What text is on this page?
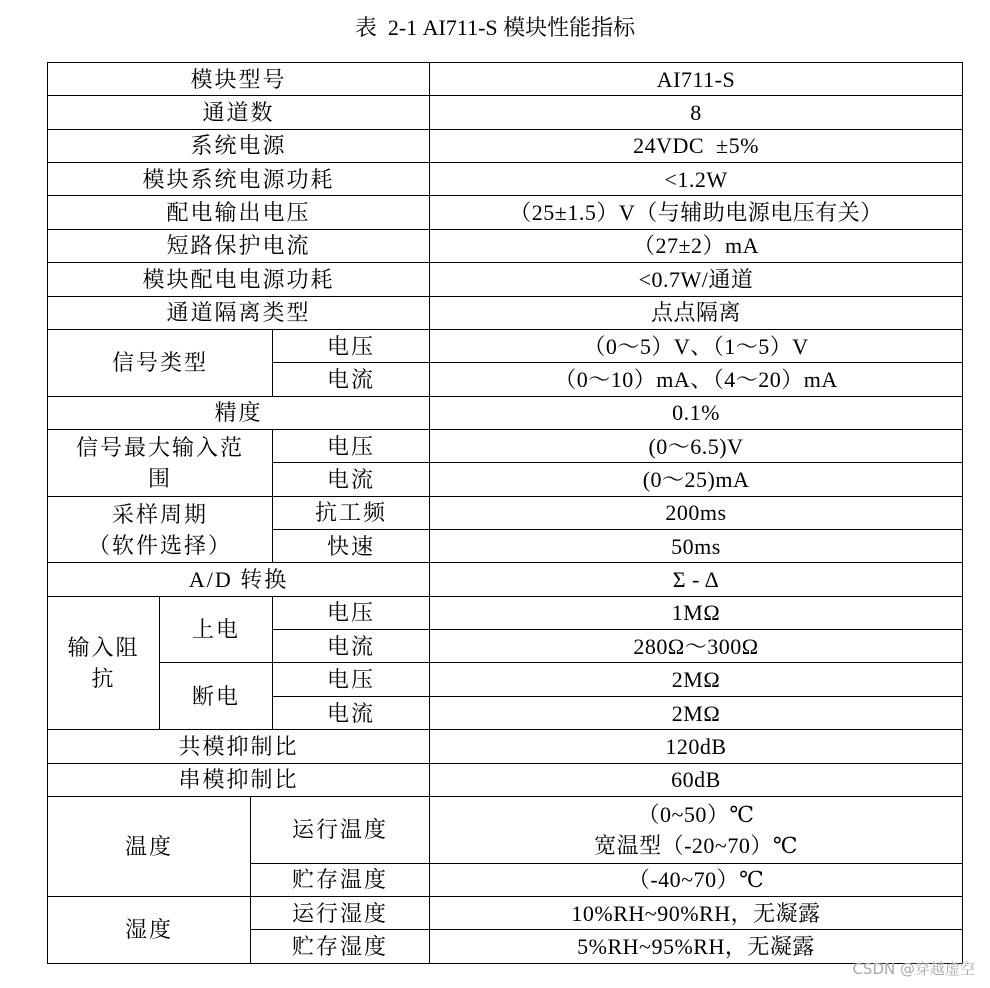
表  2-1 AI711-S 模块性能指标
模块型号				AI711-S
通道数				8
系统电源				24VDC  ±5%
模块系统电源功耗				<1.2W
配电输出电压				（25±1.5）V（与辅助电源电压有关）
短路保护电流				（27±2）mA
模块配电电源功耗				<0.7W/通道
通道隔离类型				点点隔离
信号类型			电压	（0～5）V、（1～5）V
			电流	（0～10）mA、（4～20）mA
精度				0.1%
信号最大输入范
围			电压	(0～6.5)V
			电流	(0～25)mA
采样周期
（软件选择）			抗工频	200ms
			快速	50ms
A/D 转换				Σ - Δ
输入阻
抗	上电		电压	1MΩ
			电流	280Ω～300Ω
	断电		电压	2MΩ
			电流	2MΩ
共模抑制比				120dB
串模抑制比				60dB
温度		运行温度		（0~50）℃
宽温型（-20~70）℃
		贮存温度		（-40~70）℃
湿度		运行湿度		10%RH~90%RH，无凝露
		贮存湿度		5%RH~95%RH，无凝露
CSDN @穿越虚空
